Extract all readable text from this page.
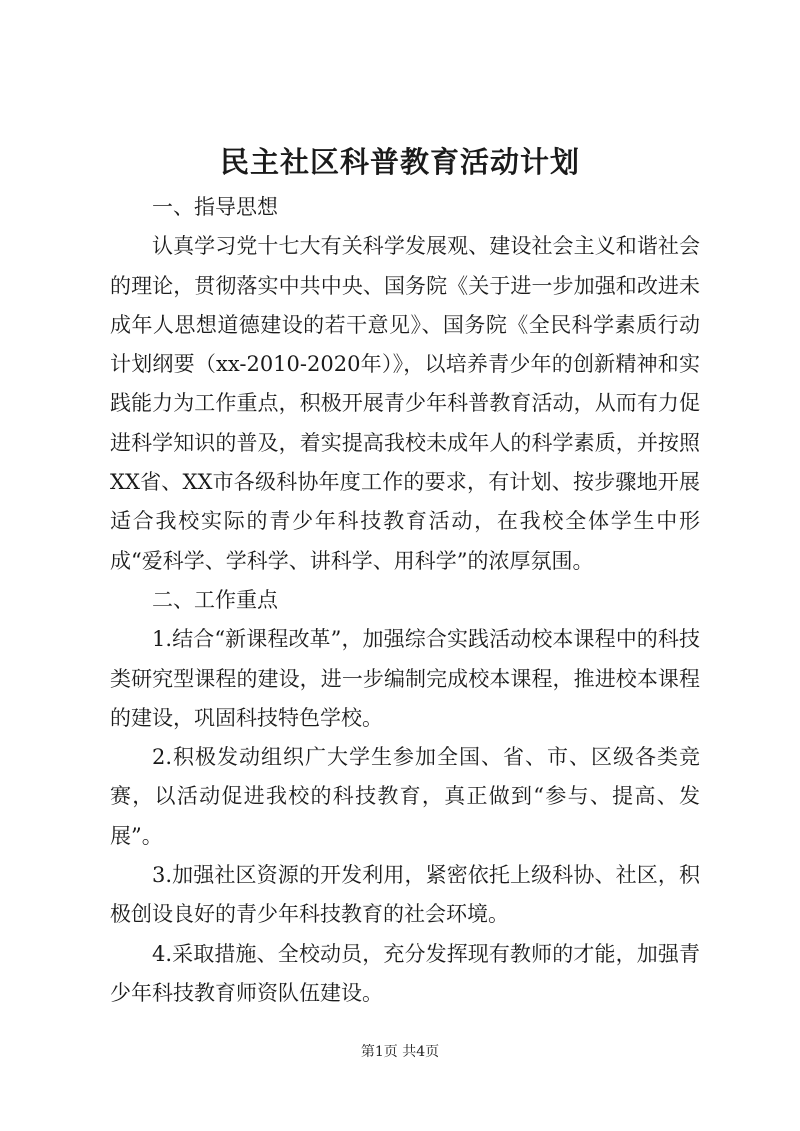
民主社区科普教育活动计划

一、指导思想

认真学习党十七大有关科学发展观、建设社会主义和谐社会的理论，贯彻落实中共中央、国务院《关于进一步加强和改进未成年人思想道德建设的若干意见》、国务院《全民科学素质行动计划纲要（xx-2010-2020年）》，以培养青少年的创新精神和实践能力为工作重点，积极开展青少年科普教育活动，从而有力促进科学知识的普及，着实提高我校未成年人的科学素质，并按照XX省、XX市各级科协年度工作的要求，有计划、按步骤地开展适合我校实际的青少年科技教育活动，在我校全体学生中形成“爱科学、学科学、讲科学、用科学”的浓厚氛围。

二、工作重点

1.结合“新课程改革”，加强综合实践活动校本课程中的科技类研究型课程的建设，进一步编制完成校本课程，推进校本课程的建设，巩固科技特色学校。

2.积极发动组织广大学生参加全国、省、市、区级各类竞赛，以活动促进我校的科技教育，真正做到“参与、提高、发展”。

3.加强社区资源的开发利用，紧密依托上级科协、社区，积极创设良好的青少年科技教育的社会环境。

4.采取措施、全校动员，充分发挥现有教师的才能，加强青少年科技教育师资队伍建设。

第1页 共4页
